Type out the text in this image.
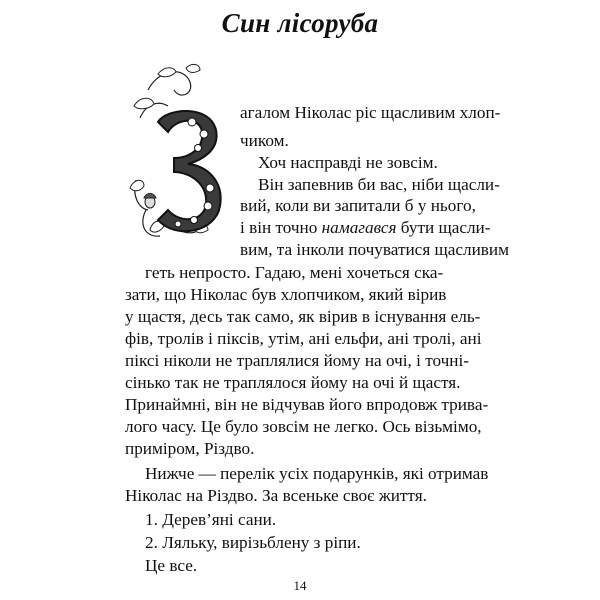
Син лісоруба
агалом Ніколас ріс щасливим хлоп-
чиком.
Хоч насправді не зовсім.
Він запевнив би вас, ніби щасли-
вий, коли ви запитали б у нього,
і він точно намагався бути щасли-
вим, та інколи почуватися щасливим
геть непросто. Гадаю, мені хочеться ска-
зати, що Ніколас був хлопчиком, який вірив
у щастя, десь так само, як вірив в існування ель-
фів, тролів і піксів, утім, ані ельфи, ані тролі, ані
піксі ніколи не траплялися йому на очі, і точні-
сінько так не траплялося йому на очі й щастя.
Принаймні, він не відчував його впродовж трива-
лого часу. Це було зовсім не легко. Ось візьмімо,
приміром, Різдво.
Нижче — перелік усіх подарунків, які отримав
Ніколас на Різдво. За всеньке своє життя.
1. Дерев’яні сани.
2. Ляльку, вирізьблену з ріпи.
Це все.
14
